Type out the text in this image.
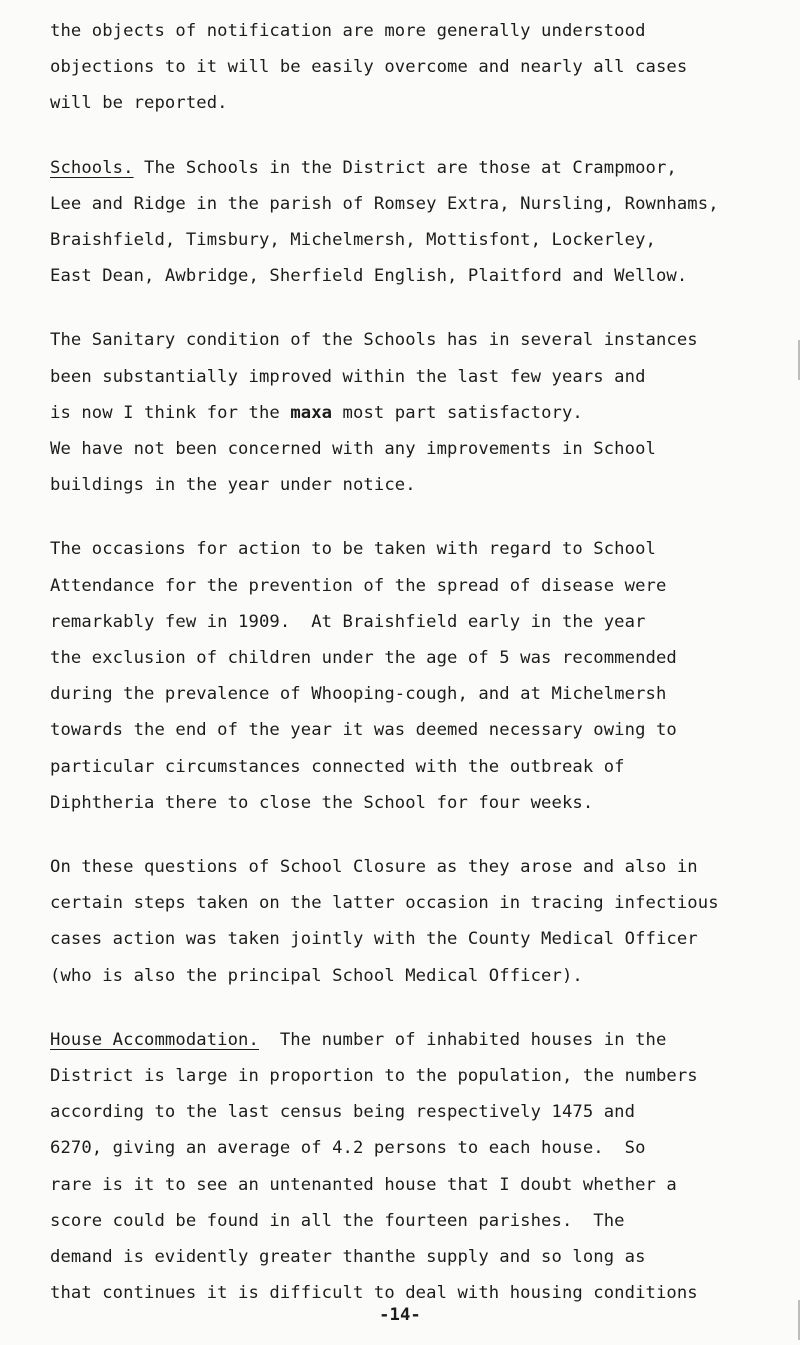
the objects of notification are more generally understood
objections to it will be easily overcome and nearly all cases
will be reported.
Schools. The Schools in the District are those at Crampmoor,
Lee and Ridge in the parish of Romsey Extra, Nursling, Rownhams,
Braishfield, Timsbury, Michelmersh, Mottisfont, Lockerley,
East Dean, Awbridge, Sherfield English, Plaitford and Wellow.
The Sanitary condition of the Schools has in several instances
been substantially improved within the last few years and
is now I think for the maxa most part satisfactory.
We have not been concerned with any improvements in School
buildings in the year under notice.
The occasions for action to be taken with regard to School
Attendance for the prevention of the spread of disease were
remarkably few in 1909.  At Braishfield early in the year
the exclusion of children under the age of 5 was recommended
during the prevalence of Whooping-cough, and at Michelmersh
towards the end of the year it was deemed necessary owing to
particular circumstances connected with the outbreak of
Diphtheria there to close the School for four weeks.
On these questions of School Closure as they arose and also in
certain steps taken on the latter occasion in tracing infectious
cases action was taken jointly with the County Medical Officer
(who is also the principal School Medical Officer).
House Accommodation.  The number of inhabited houses in the
District is large in proportion to the population, the numbers
according to the last census being respectively 1475 and
6270, giving an average of 4.2 persons to each house.  So
rare is it to see an untenanted house that I doubt whether a
score could be found in all the fourteen parishes.  The
demand is evidently greater thanthe supply and so long as
that continues it is difficult to deal with housing conditions
-14-
